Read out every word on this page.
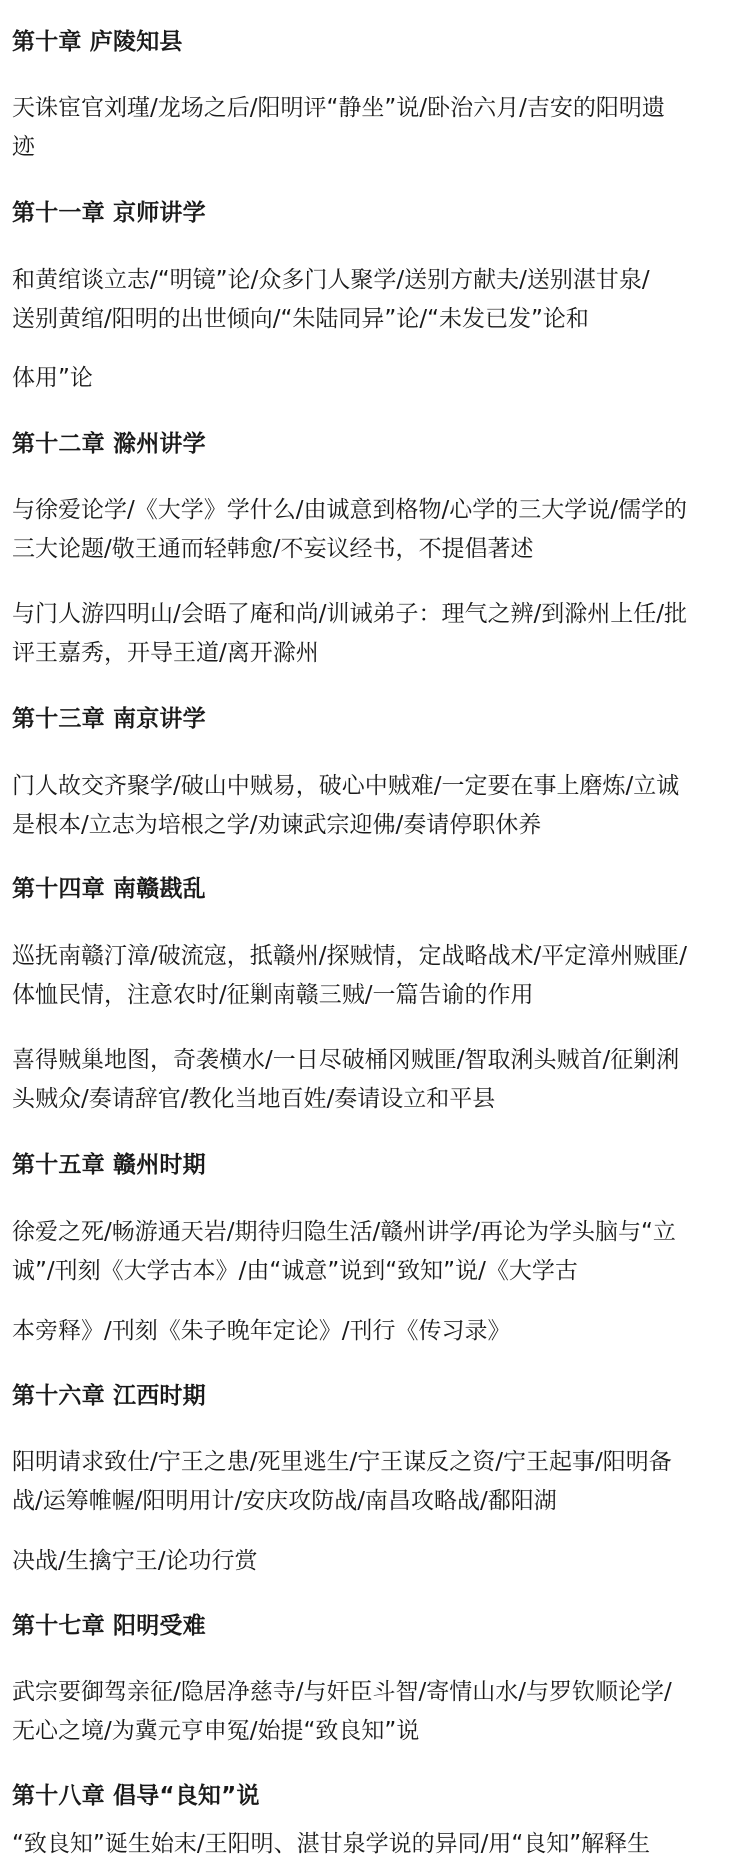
第十章 庐陵知县

天诛宦官刘瑾/龙场之后/阳明评“静坐”说/卧治六月/吉安的阳明遗
迹

第十一章 京师讲学

和黄绾谈立志/“明镜”论/众多门人聚学/送别方献夫/送别湛甘泉/
送别黄绾/阳明的出世倾向/“朱陆同异”论/“未发已发”论和

体用”论

第十二章 滁州讲学

与徐爱论学/《大学》学什么/由诚意到格物/心学的三大学说/儒学的
三大论题/敬王通而轻韩愈/不妄议经书，不提倡著述

与门人游四明山/会晤了庵和尚/训诫弟子：理气之辨/到滁州上任/批
评王嘉秀，开导王道/离开滁州

第十三章 南京讲学

门人故交齐聚学/破山中贼易，破心中贼难/一定要在事上磨炼/立诚
是根本/立志为培根之学/劝谏武宗迎佛/奏请停职休养

第十四章 南赣戡乱

巡抚南赣汀漳/破流寇，抵赣州/探贼情，定战略战术/平定漳州贼匪/
体恤民情，注意农时/征剿南赣三贼/一篇告谕的作用

喜得贼巢地图，奇袭横水/一日尽破桶冈贼匪/智取浰头贼首/征剿浰
头贼众/奏请辞官/教化当地百姓/奏请设立和平县

第十五章 赣州时期

徐爱之死/畅游通天岩/期待归隐生活/赣州讲学/再论为学头脑与“立
诚”/刊刻《大学古本》/由“诚意”说到“致知”说/《大学古

本旁释》/刊刻《朱子晚年定论》/刊行《传习录》

第十六章 江西时期

阳明请求致仕/宁王之患/死里逃生/宁王谋反之资/宁王起事/阳明备
战/运筹帷幄/阳明用计/安庆攻防战/南昌攻略战/鄱阳湖

决战/生擒宁王/论功行赏

第十七章 阳明受难

武宗要御驾亲征/隐居净慈寺/与奸臣斗智/寄情山水/与罗钦顺论学/
无心之境/为冀元亨申冤/始提“致良知”说

第十八章 倡导“良知”说

“致良知”诞生始末/王阳明、湛甘泉学说的异同/用“良知”解释生
